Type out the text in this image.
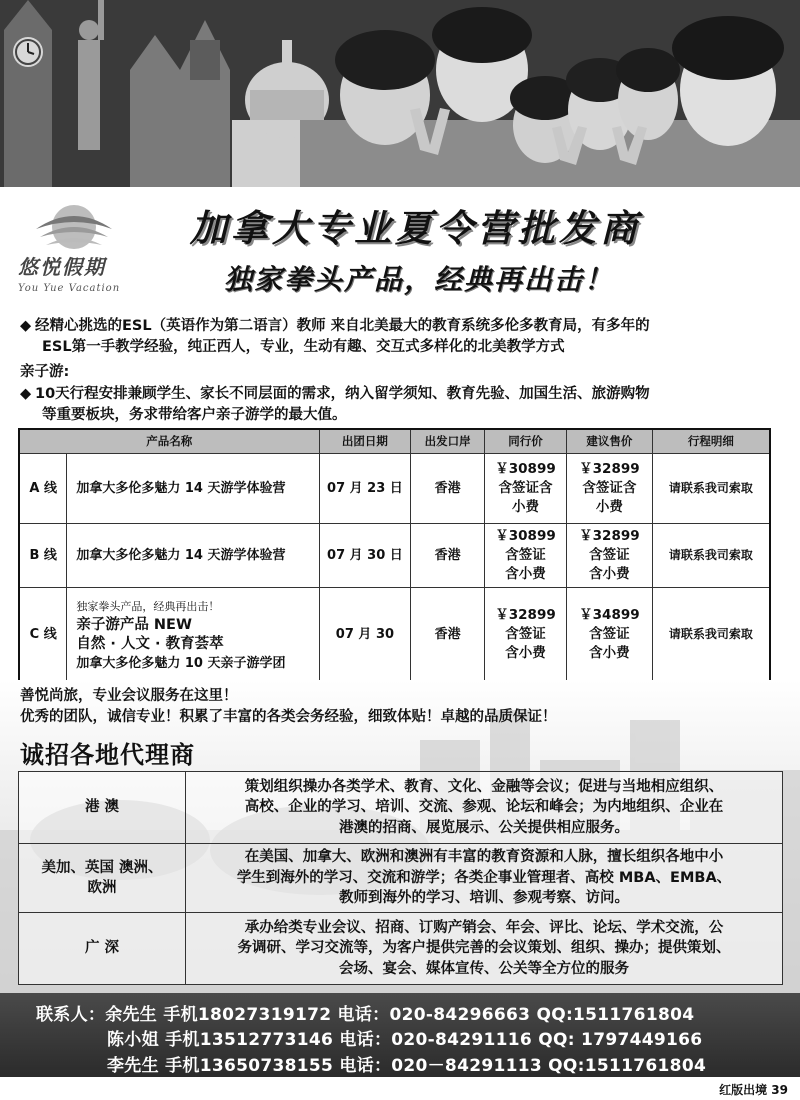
悠悦假期
You Yue Vacation
加拿大专业夏令营批发商
独家拳头产品，经典再出击！
◆ 经精心挑选的ESL（英语作为第二语言）教师 来自北美最大的教育系统多伦多教育局，有多年的
ESL第一手教学经验，纯正西人，专业，生动有趣、交互式多样化的北美教学方式
亲子游:
◆ 10天行程安排兼顾学生、家长不同层面的需求，纳入留学须知、教育先验、加国生活、旅游购物
等重要板块，务求带给客户亲子游学的最大值。
产品名称		出团日期	出发口岸	同行价	建议售价	行程明细
A 线	加拿大多伦多魅力 14 天游学体验营	07 月 23 日	香港	￥30899
含签证含
小费	￥32899
含签证含
小费	请联系我司索取
B 线	加拿大多伦多魅力 14 天游学体验营	07 月 30 日	香港	￥30899
含签证
含小费	￥32899
含签证
含小费	请联系我司索取
C 线	独家拳头产品，经典再出击！
亲子游产品 NEW
自然 · 人文 · 教育荟萃
加拿大多伦多魅力 10 天亲子游学团	07 月 30	香港	￥32899
含签证
含小费	￥34899
含签证
含小费	请联系我司索取
善悦尚旅，专业会议服务在这里！
优秀的团队，诚信专业！积累了丰富的各类会务经验，细致体贴！卓越的品质保证！
诚招各地代理商
港 澳	策划组织操办各类学术、教育、文化、金融等会议；促进与当地相应组织、
高校、企业的学习、培训、交流、参观、论坛和峰会；为内地组织、企业在
港澳的招商、展览展示、公关提供相应服务。

美加、英国 澳洲、
欧洲	在美国、加拿大、欧洲和澳洲有丰富的教育资源和人脉，擅长组织各地中小
学生到海外的学习、交流和游学；各类企事业管理者、高校 MBA、EMBA、
教师到海外的学习、培训、参观考察、访问。

广 深	承办给类专业会议、招商、订购产销会、年会、评比、论坛、学术交流，公
务调研、学习交流等，为客户提供完善的会议策划、组织、操办；提供策划、
会场、宴会、媒体宣传、公关等全方位的服务
联系人：余先生 手机18027319172 电话：020-84296663 QQ:1511761804
陈小姐 手机13512773146 电话：020-84291116 QQ: 1797449166
李先生 手机13650738155 电话：020－84291113 QQ:1511761804
红版出境 39
